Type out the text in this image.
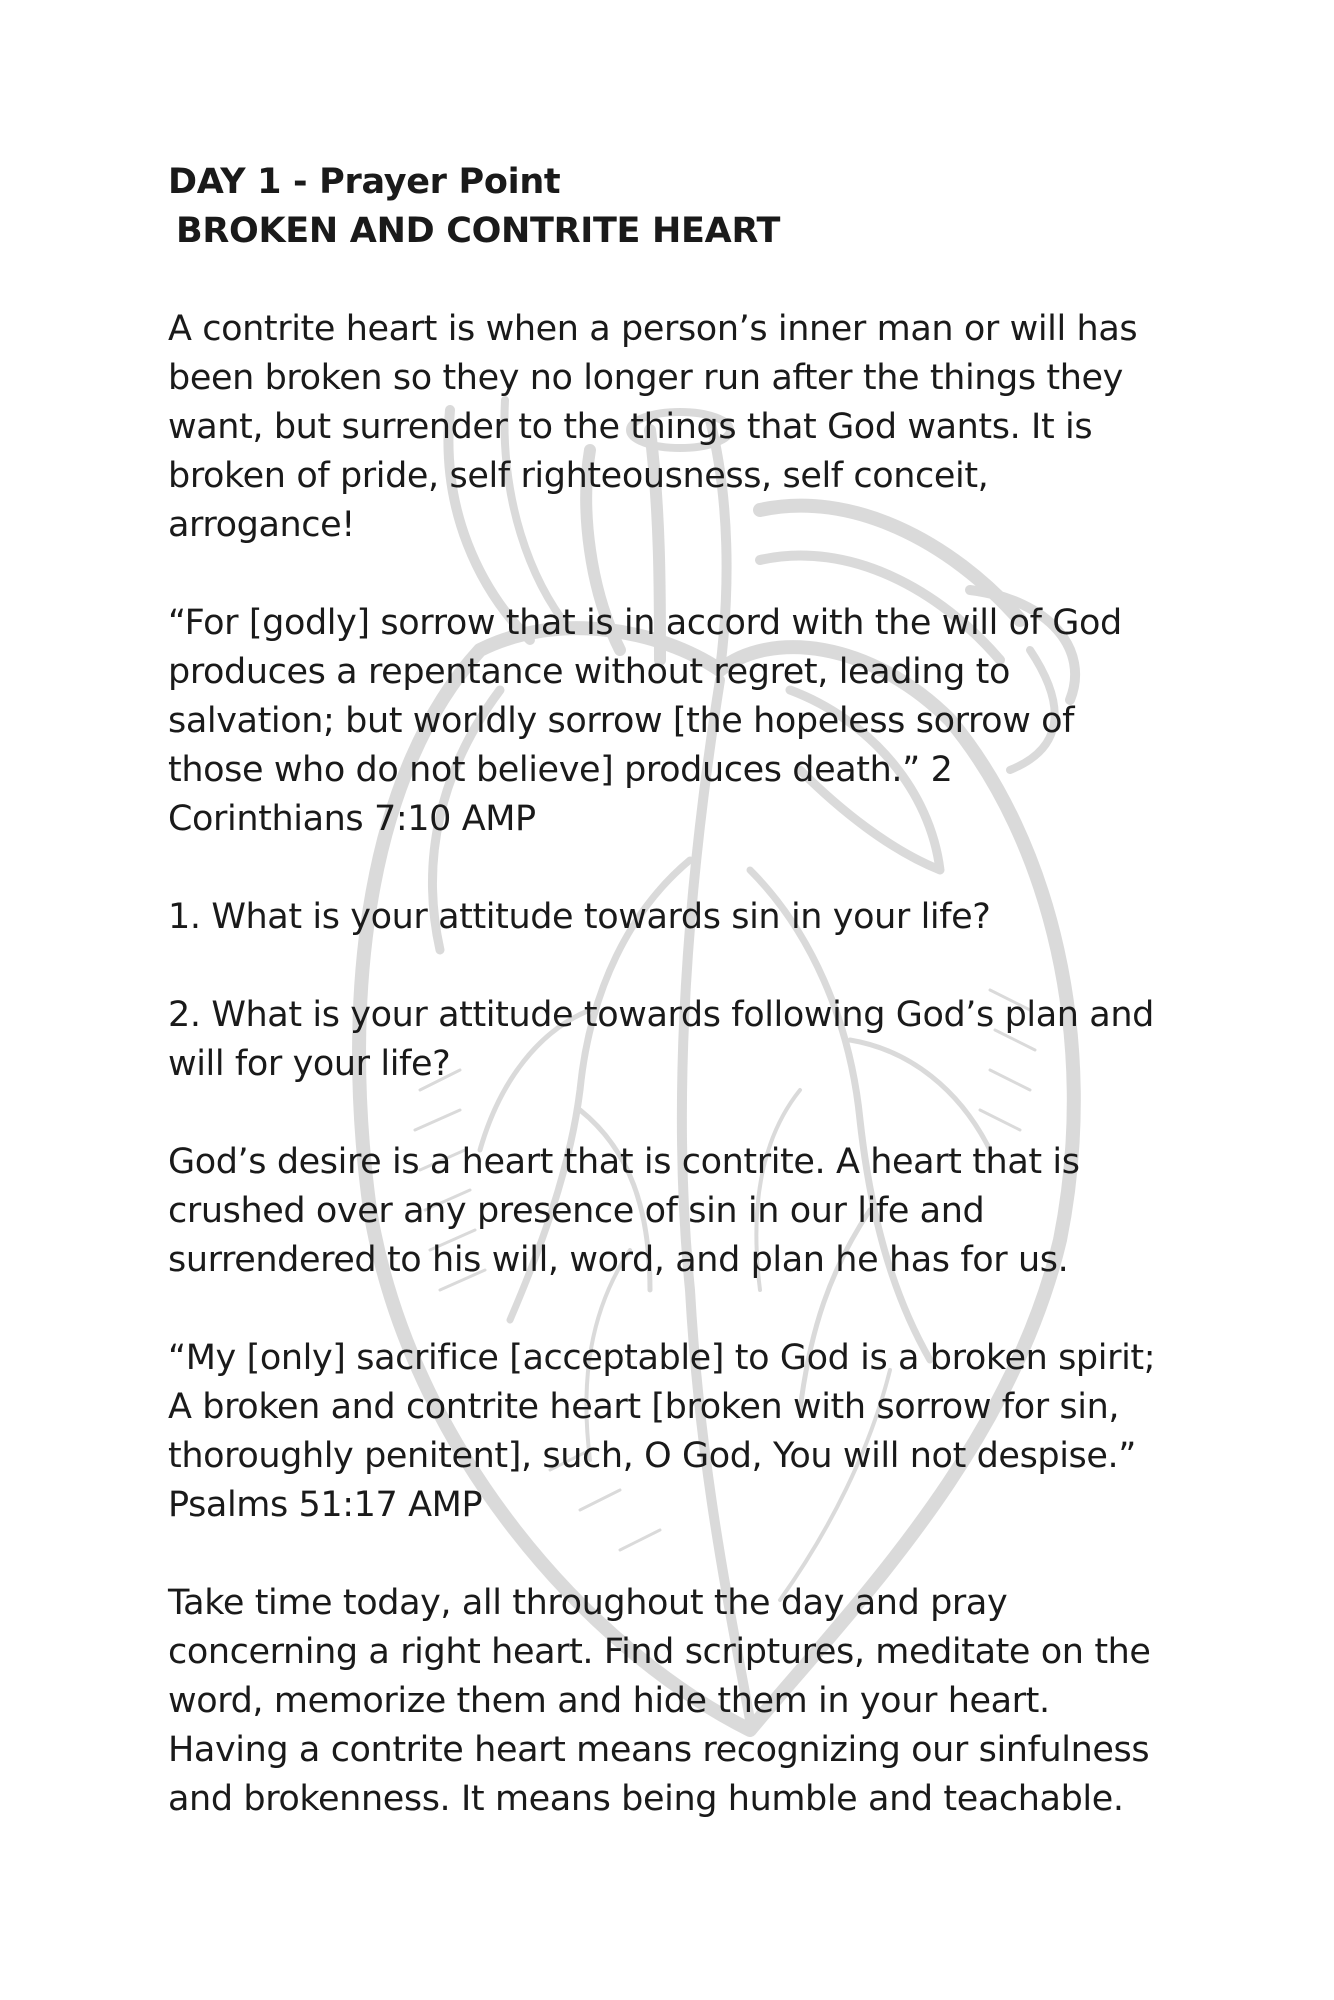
DAY 1 - Prayer Point
BROKEN AND CONTRITE HEART

A contrite heart is when a person’s inner man or will has
been broken so they no longer run after the things they
want, but surrender to the things that God wants. It is
broken of pride, self righteousness, self conceit,
arrogance!

“For [godly] sorrow that is in accord with the will of God
produces a repentance without regret, leading to
salvation; but worldly sorrow [the hopeless sorrow of
those who do not believe] produces death.” 2
Corinthians 7:10 AMP

1. What is your attitude towards sin in your life?

2. What is your attitude towards following God’s plan and
will for your life?

God’s desire is a heart that is contrite. A heart that is
crushed over any presence of sin in our life and
surrendered to his will, word, and plan he has for us.

“My [only] sacrifice [acceptable] to God is a broken spirit;
A broken and contrite heart [broken with sorrow for sin,
thoroughly penitent], such, O God, You will not despise.”
Psalms 51:17 AMP

Take time today, all throughout the day and pray
concerning a right heart. Find scriptures, meditate on the
word, memorize them and hide them in your heart.
Having a contrite heart means recognizing our sinfulness
and brokenness. It means being humble and teachable.
